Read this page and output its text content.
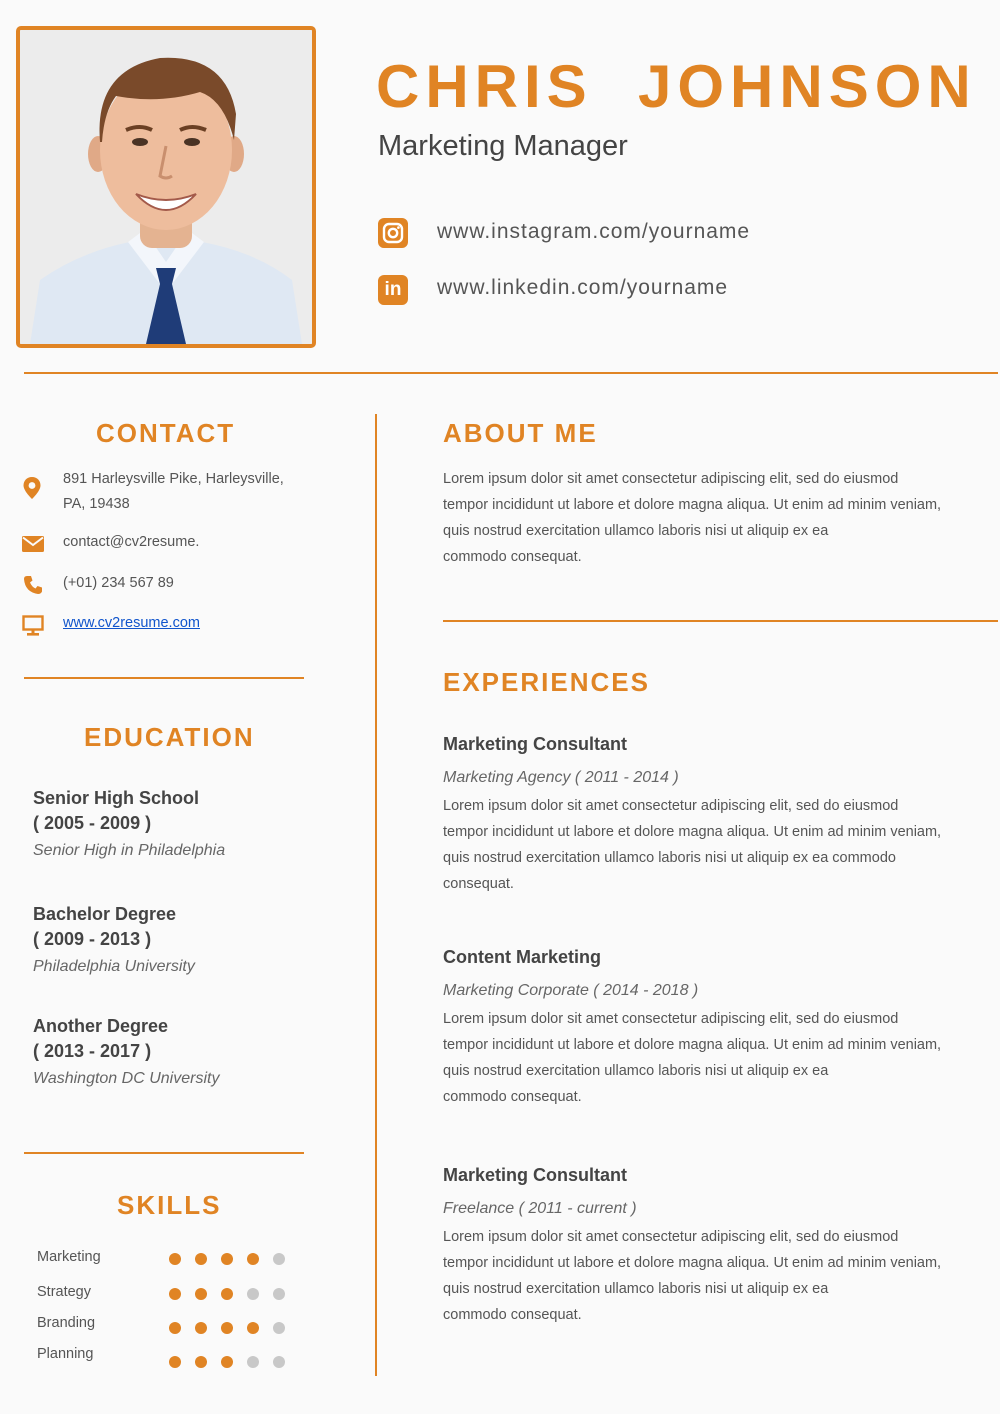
CHRIS  JOHNSON
Marketing Manager
www.instagram.com/yourname
in www.linkedin.com/yourname
CONTACT
891 Harleysville Pike, Harleysville,
PA, 19438
contact@cv2resume.
(+01) 234 567 89
www.cv2resume.com
EDUCATION
Senior High School
( 2005 - 2009 )
Senior High in Philadelphia
Bachelor Degree
( 2009 - 2013 )
Philadelphia University
Another Degree
( 2013 - 2017 )
Washington DC University
SKILLS
Marketing
Strategy
Branding
Planning
ABOUT ME
Lorem ipsum dolor sit amet consectetur adipiscing elit, sed do eiusmod
tempor incididunt ut labore et dolore magna aliqua. Ut enim ad minim veniam,
quis nostrud exercitation ullamco laboris nisi ut aliquip ex ea
commodo consequat.
EXPERIENCES
Marketing Consultant
Marketing Agency ( 2011 - 2014 )
Lorem ipsum dolor sit amet consectetur adipiscing elit, sed do eiusmod
tempor incididunt ut labore et dolore magna aliqua. Ut enim ad minim veniam,
quis nostrud exercitation ullamco laboris nisi ut aliquip ex ea commodo
consequat.
Content Marketing
Marketing Corporate ( 2014 - 2018 )
Lorem ipsum dolor sit amet consectetur adipiscing elit, sed do eiusmod
tempor incididunt ut labore et dolore magna aliqua. Ut enim ad minim veniam,
quis nostrud exercitation ullamco laboris nisi ut aliquip ex ea
commodo consequat.
Marketing Consultant
Freelance ( 2011 - current )
Lorem ipsum dolor sit amet consectetur adipiscing elit, sed do eiusmod
tempor incididunt ut labore et dolore magna aliqua. Ut enim ad minim veniam,
quis nostrud exercitation ullamco laboris nisi ut aliquip ex ea
commodo consequat.
